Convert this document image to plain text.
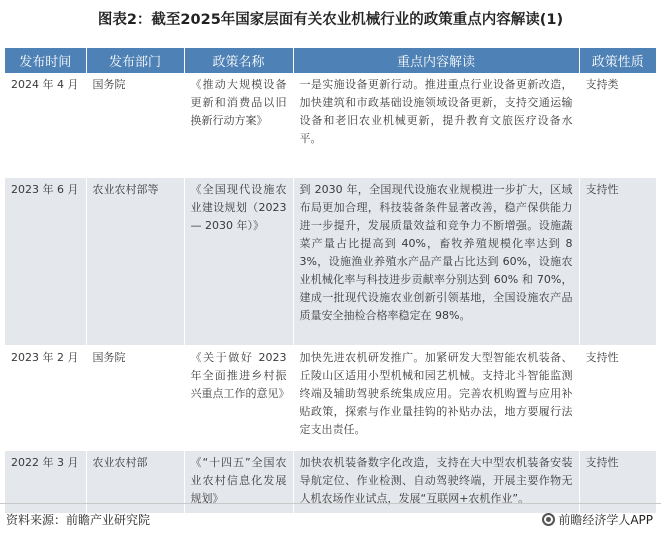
图表2：截至2025年国家层面有关农业机械行业的政策重点内容解读(1)
发布时间	发布部门	政策名称	重点内容解读	政策性质
2024 年 4 月	国务院	《推动大规模设备更新和消费品以旧换新行动方案》	一是实施设备更新行动。推进重点行业设备更新改造，加快建筑和市政基础设施领域设备更新，支持交通运输设备和老旧农业机械更新，提升教育文旅医疗设备水平。	支持类
2023 年 6 月	农业农村部等	《全国现代设施农业建设规划（2023 — 2030 年）》	到 2030 年，全国现代设施农业规模进一步扩大，区域布局更加合理，科技装备条件显著改善，稳产保供能力进一步提升，发展质量效益和竞争力不断增强。设施蔬菜产量占比提高到 40%，畜牧养殖规模化率达到 83%，设施渔业养殖水产品产量占比达到 60%，设施农业机械化率与科技进步贡献率分别达到 60% 和 70%，建成一批现代设施农业创新引领基地，全国设施农产品质量安全抽检合格率稳定在 98%。	支持性
2023 年 2 月	国务院	《关于做好 2023 年全面推进乡村振兴重点工作的意见》	加快先进农机研发推广。加紧研发大型智能农机装备、丘陵山区适用小型机械和园艺机械。支持北斗智能监测终端及辅助驾驶系统集成应用。完善农机购置与应用补贴政策，探索与作业量挂钩的补贴办法，地方要履行法定支出责任。	支持性
2022 年 3 月	农业农村部	《“十四五”全国农业农村信息化发展规划》	加快农机装备数字化改造，支持在大中型农机装备安装导航定位、作业检测、自动驾驶终端，开展主要作物无人机农场作业试点，发展“互联网+农机作业”。	支持性
资料来源：前瞻产业研究院	前瞻经济学人APP
